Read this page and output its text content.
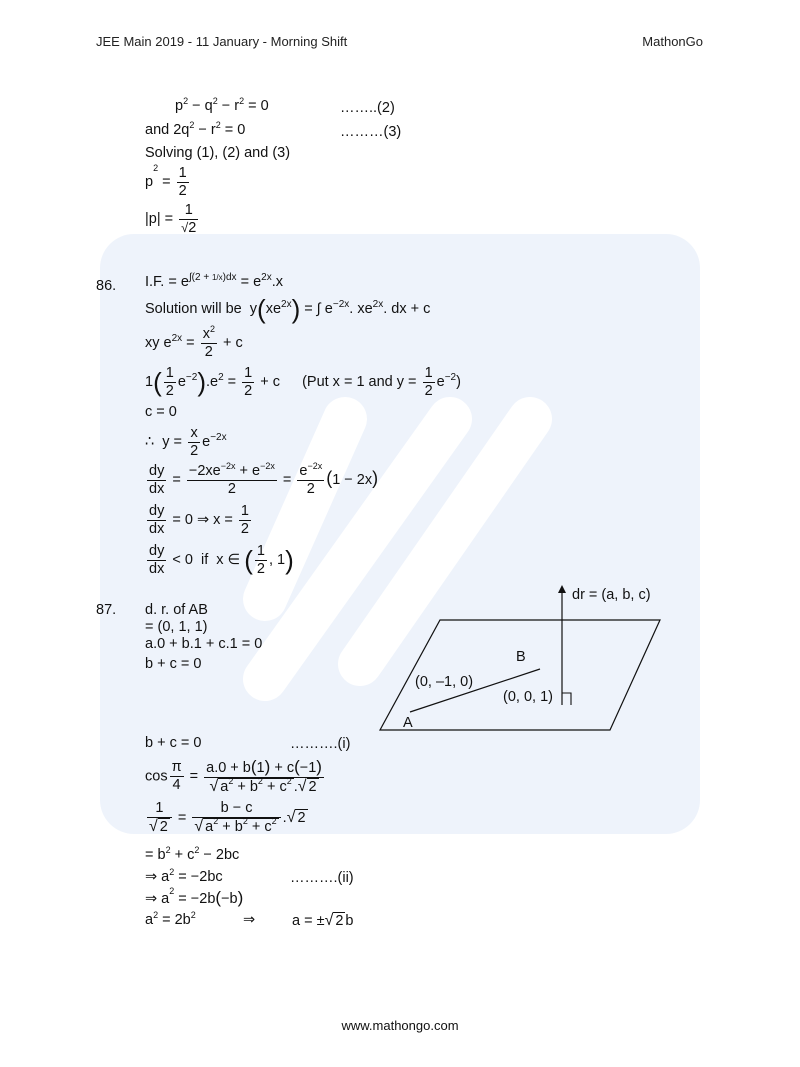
JEE Main 2019 - 11 January - Morning Shift	MathonGo
$p^2 - q^2 - r^2 = 0$	……..(2)
and $2q^2 - r^2 = 0$	………(3)
Solving (1), (2) and (3)
$p^2 = \frac{1}{2}$
$|p| = \frac{1}{√2}$
86. I.F. = $e^{\int(2 + 1/x)dx} = e^{2x}.x$
Solution will be  $y(xe^{2x})$ = ∫ $e^{-2x}$. $xe^{2x}$. dx + c
xy $e^{2x} = \frac{x^2}{2} + c$
$1( \frac{1}{2} e^{-2}).e^2 = \frac{1}{2} + c$ (Put x = 1 and $y = \frac{1}{2} e^{-2}$)
c = 0
∴  $y = \frac{x}{2} e^{-2x}$
$\frac{dy}{dx} = \frac{-2xe^{-2x} + e^{-2x}}{2} = \frac{e^{-2x}}{2} (1 - 2x)$
$\frac{dy}{dx} = 0$ ⇒ $x = \frac{1}{2}$
$\frac{dy}{dx} < 0$  if  x ∈ ( $\frac{1}{2}$ , 1)
87. d. r. of AB
= (0, 1, 1)
a.0 + b.1 + c.1 = 0
b + c = 0
dr = (a, b, c)
B
(0, –1, 0)
(0, 0, 1)
A
b + c = 0	……….(i)
$\cos \frac{\pi}{4} = \frac{a.0 + b(1) + c(-1)}{√ a^2 + b^2 + c^2 .√ 2}$
$\frac{1}{√ 2} = \frac{b - c}{√ a^2 + b^2 + c^2}$ .√ 2
= $b^2 + c^2 - 2bc$
⇒ $a^2 = -2bc$	……….(ii)
⇒ $a^2 = -2b(-b)$
$a^2 = 2b^2$	⇒	a = ±√ 2 b
www.mathongo.com
